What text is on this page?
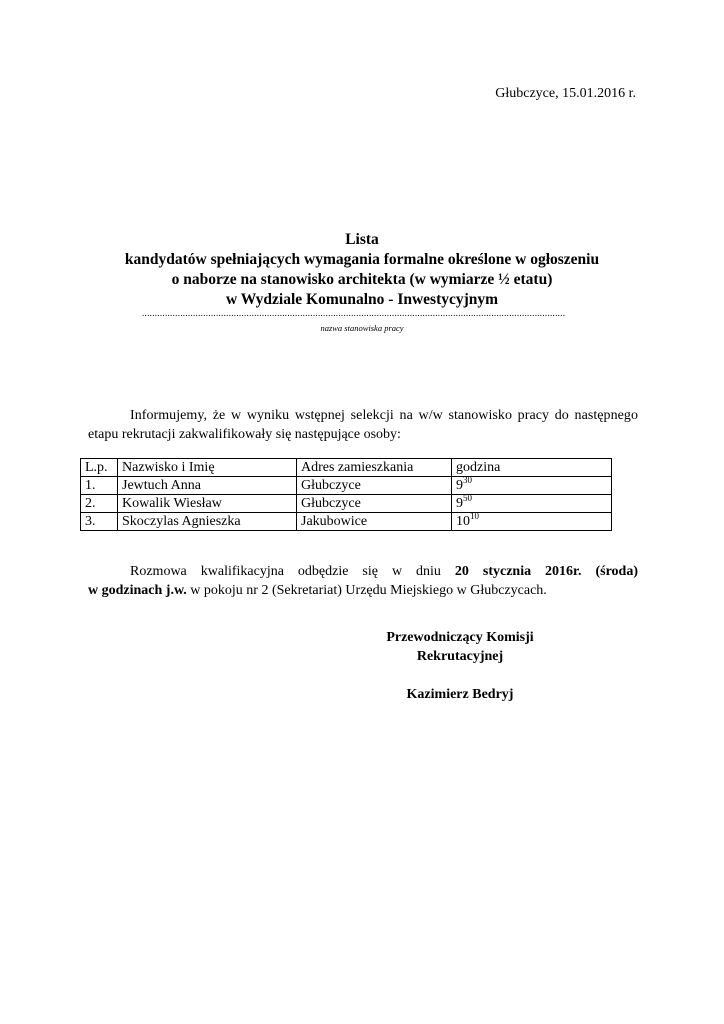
Głubczyce, 15.01.2016 r.
Lista
kandydatów spełniających wymagania formalne określone w ogłoszeniu
o naborze na stanowisko architekta (w wymiarze ½ etatu)
w Wydziale Komunalno - Inwestycyjnym
......................................................................................................................................................................
nazwa stanowiska pracy
Informujemy, że w wyniku wstępnej selekcji na w/w stanowisko pracy do następnego
etapu rekrutacji zakwalifikowały się następujące osoby:
L.p.	Nazwisko i Imię	Adres zamieszkania	godzina
1.	Jewtuch Anna	Głubczyce	$9^{30}$
2.	Kowalik Wiesław	Głubczyce	$9^{50}$
3.	Skoczylas Agnieszka	Jakubowice	$10^{10}$
Rozmowa kwalifikacyjna odbędzie się w dniu 20 stycznia 2016r. (środa)
w godzinach j.w. w pokoju nr 2 (Sekretariat) Urzędu Miejskiego w Głubczycach.
Przewodniczący Komisji
Rekrutacyjnej
Kazimierz Bedryj
